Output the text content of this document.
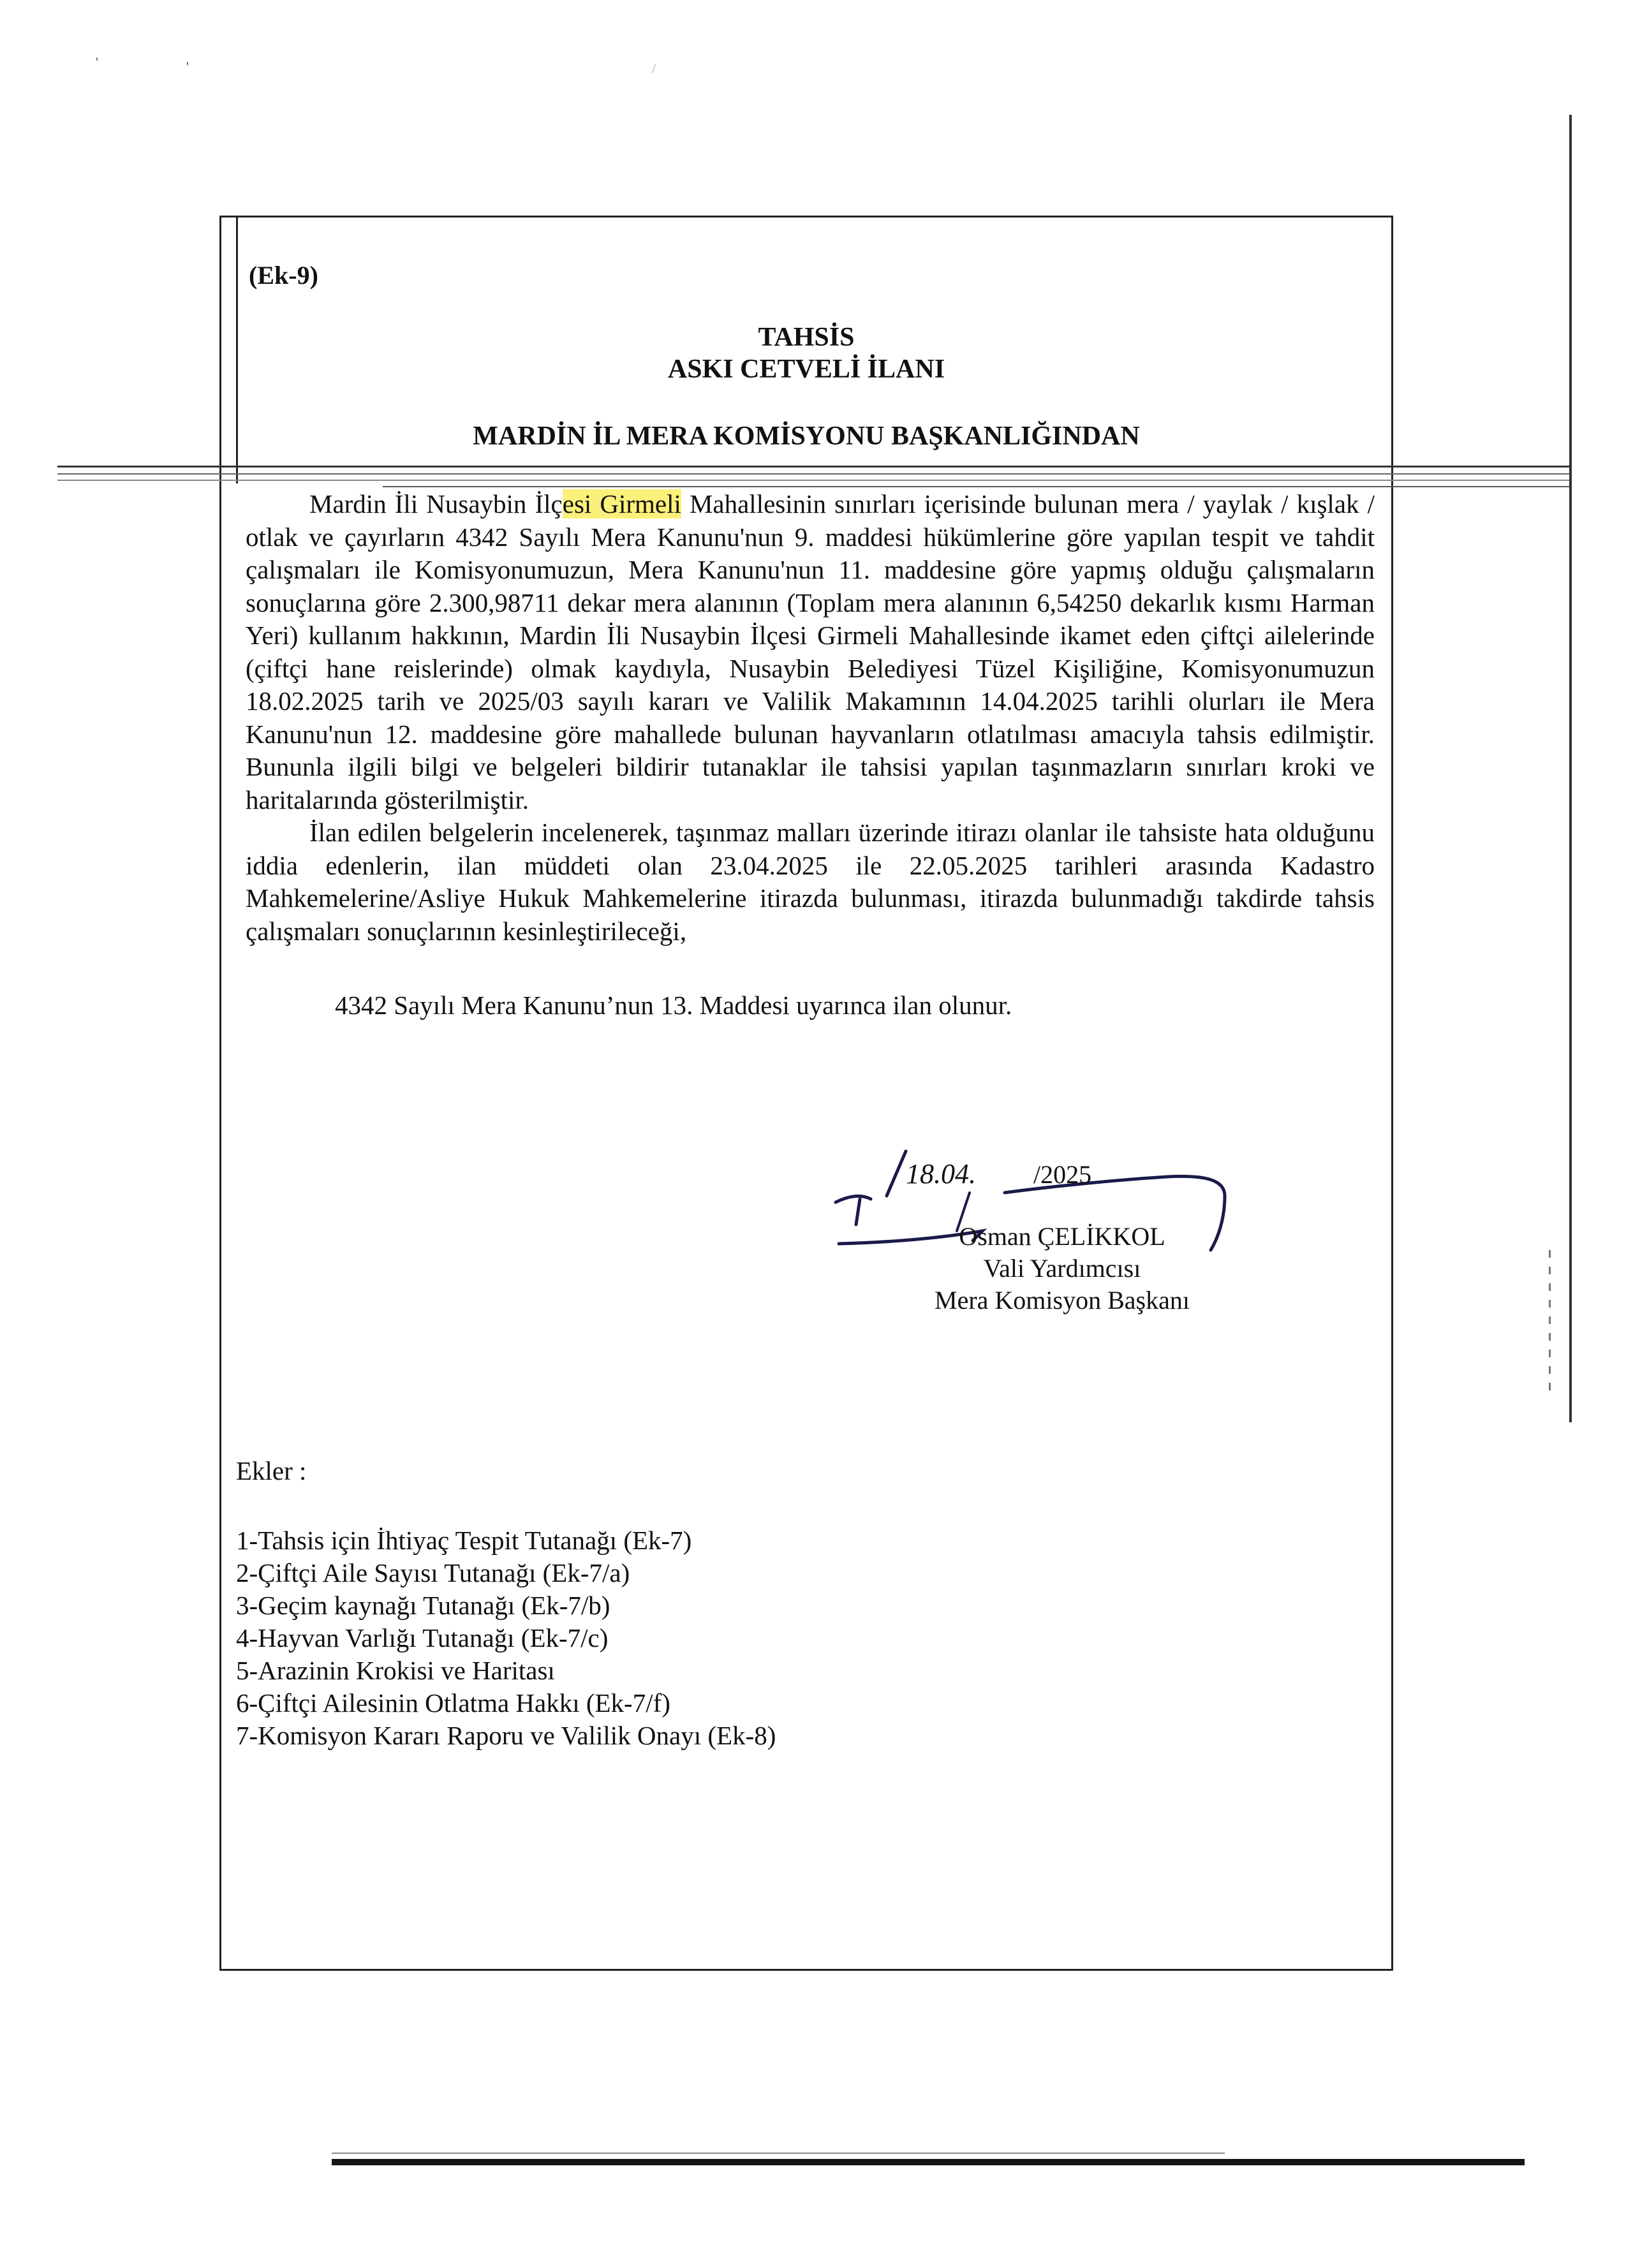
'	'	/
(Ek-9)
TAHSİS
ASKI CETVELİ İLANI
MARDİN İL MERA KOMİSYONU BAŞKANLIĞINDAN

Mardin İli Nusaybin İlçesi Girmeli Mahallesinin sınırları içerisinde bulunan mera / yaylak / kışlak / otlak ve çayırların 4342 Sayılı Mera Kanunu'nun 9. maddesi hükümlerine göre yapılan tespit ve tahdit çalışmaları ile Komisyonumuzun, Mera Kanunu'nun 11. maddesine göre yapmış olduğu çalışmaların sonuçlarına göre 2.300,98711 dekar mera alanının (Toplam mera alanının 6,54250 dekarlık kısmı Harman Yeri) kullanım hakkının, Mardin İli Nusaybin İlçesi Girmeli Mahallesinde ikamet eden çiftçi ailelerinde (çiftçi hane reislerinde) olmak kaydıyla, Nusaybin Belediyesi Tüzel Kişiliğine, Komisyonumuzun 18.02.2025 tarih ve 2025/03 sayılı kararı ve Valilik Makamının 14.04.2025 tarihli olurları ile Mera Kanunu'nun 12. maddesine göre mahallede bulunan hayvanların otlatılması amacıyla tahsis edilmiştir. Bununla ilgili bilgi ve belgeleri bildirir tutanaklar ile tahsisi yapılan taşınmazların sınırları kroki ve haritalarında gösterilmiştir.

İlan edilen belgelerin incelenerek, taşınmaz malları üzerinde itirazı olanlar ile tahsiste hata olduğunu iddia edenlerin, ilan müddeti olan 23.04.2025 ile 22.05.2025 tarihleri arasında Kadastro Mahkemelerine/Asliye Hukuk Mahkemelerine itirazda bulunması, itirazda bulunmadığı takdirde tahsis çalışmaları sonuçlarının kesinleştirileceği,

4342 Sayılı Mera Kanunu’nun 13. Maddesi uyarınca ilan olunur.
18.04. /2025
Osman ÇELİKKOL
Vali Yardımcısı
Mera Komisyon Başkanı
Ekler :
1-Tahsis için İhtiyaç Tespit Tutanağı (Ek-7)
2-Çiftçi Aile Sayısı Tutanağı (Ek-7/a)
3-Geçim kaynağı Tutanağı (Ek-7/b)
4-Hayvan Varlığı Tutanağı (Ek-7/c)
5-Arazinin Krokisi ve Haritası
6-Çiftçi Ailesinin Otlatma Hakkı (Ek-7/f)
7-Komisyon Kararı Raporu ve Valilik Onayı (Ek-8)
